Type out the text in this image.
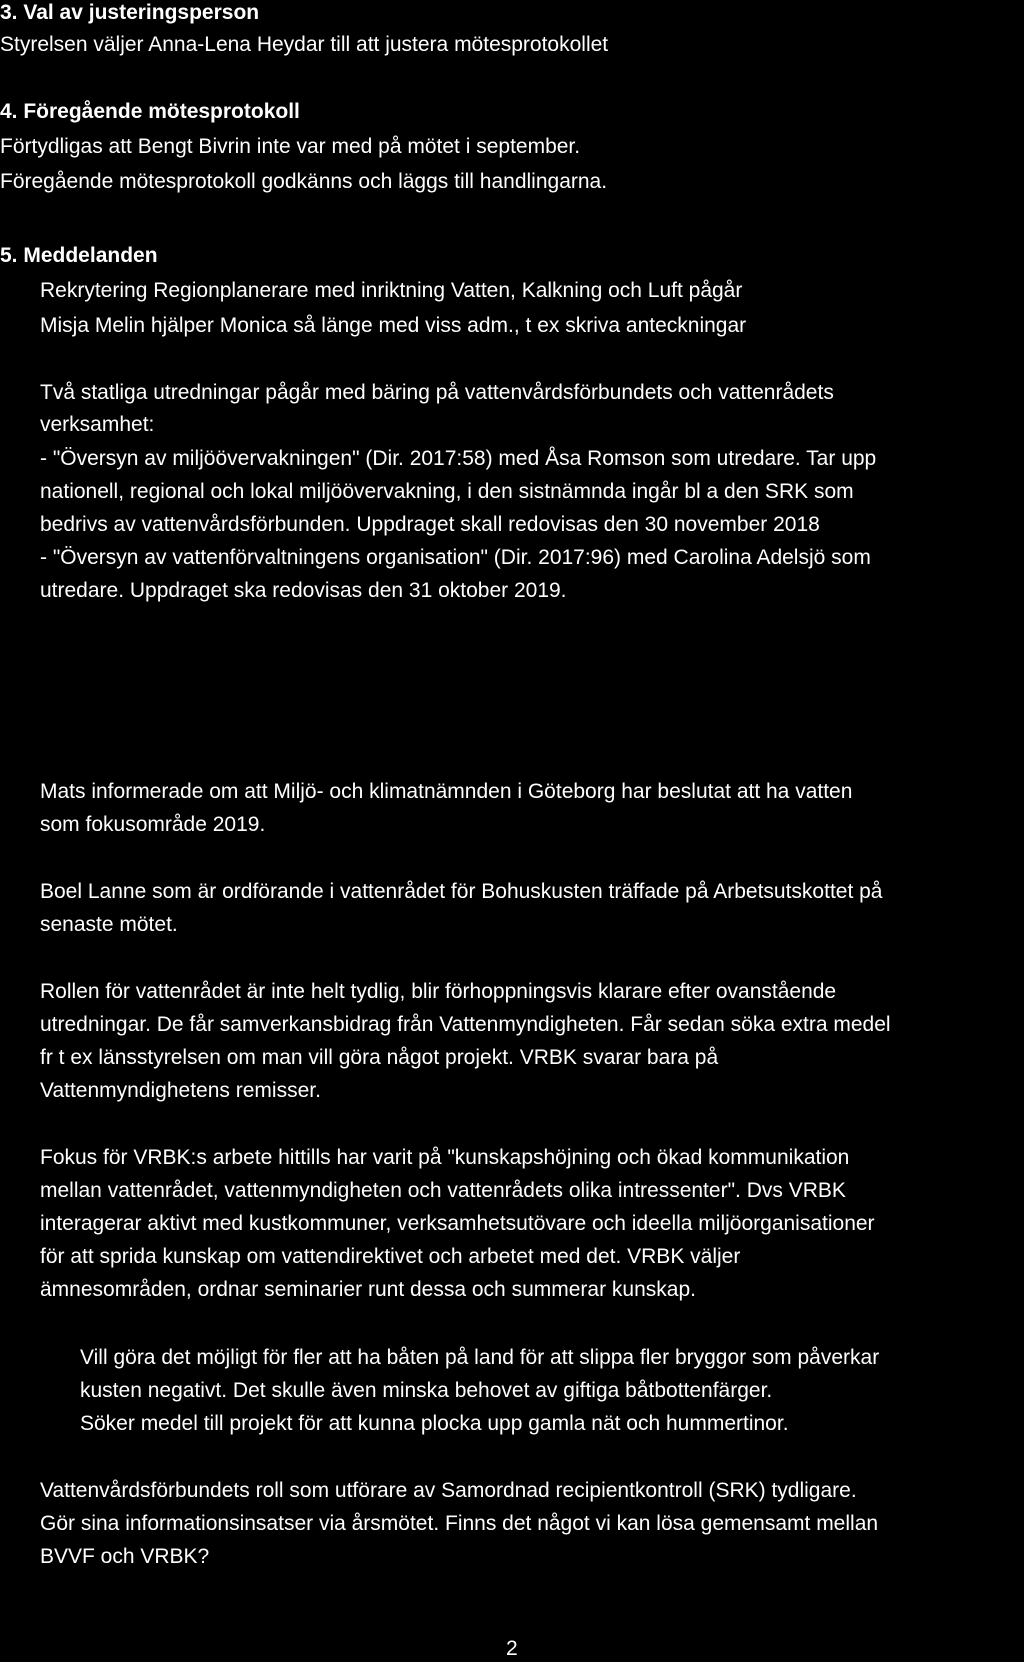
3. Val av justeringsperson
Styrelsen väljer Anna-Lena Heydar till att justera mötesprotokollet
4. Föregående mötesprotokoll
Förtydligas att Bengt Bivrin inte var med på mötet i september.
Föregående mötesprotokoll godkänns och läggs till handlingarna.
5. Meddelanden
Rekrytering Regionplanerare med inriktning Vatten, Kalkning och Luft pågår
Misja Melin hjälper Monica så länge med viss adm., t ex skriva anteckningar
Två statliga utredningar pågår med bäring på vattenvårdsförbundets och vattenrådets
verksamhet:
- "Översyn av miljöövervakningen" (Dir. 2017:58) med Åsa Romson som utredare. Tar upp
nationell, regional och lokal miljöövervakning, i den sistnämnda ingår bl a den SRK som
bedrivs av vattenvårdsförbunden. Uppdraget skall redovisas den 30 november 2018
- "Översyn av vattenförvaltningens organisation" (Dir. 2017:96) med Carolina Adelsjö som
utredare. Uppdraget ska redovisas den 31 oktober 2019.
Mats informerade om att Miljö- och klimatnämnden i Göteborg har beslutat att ha vatten
som fokusområde 2019.
Boel Lanne som är ordförande i vattenrådet för Bohuskusten träffade på Arbetsutskottet på
senaste mötet.
Rollen för vattenrådet är inte helt tydlig, blir förhoppningsvis klarare efter ovanstående
utredningar. De får samverkansbidrag från Vattenmyndigheten. Får sedan söka extra medel
fr t ex länsstyrelsen om man vill göra något projekt. VRBK svarar bara på
Vattenmyndighetens remisser.
Fokus för VRBK:s arbete hittills har varit på "kunskapshöjning och ökad kommunikation
mellan vattenrådet, vattenmyndigheten och vattenrådets olika intressenter". Dvs VRBK
interagerar aktivt med kustkommuner, verksamhetsutövare och ideella miljöorganisationer
för att sprida kunskap om vattendirektivet och arbetet med det. VRBK väljer
ämnesområden, ordnar seminarier runt dessa och summerar kunskap.
Vill göra det möjligt för fler att ha båten på land för att slippa fler bryggor som påverkar
kusten negativt. Det skulle även minska behovet av giftiga båtbottenfärger.
Söker medel till projekt för att kunna plocka upp gamla nät och hummertinor.
Vattenvårdsförbundets roll som utförare av Samordnad recipientkontroll (SRK) tydligare.
Gör sina informationsinsatser via årsmötet. Finns det något vi kan lösa gemensamt mellan
BVVF och VRBK?
2
